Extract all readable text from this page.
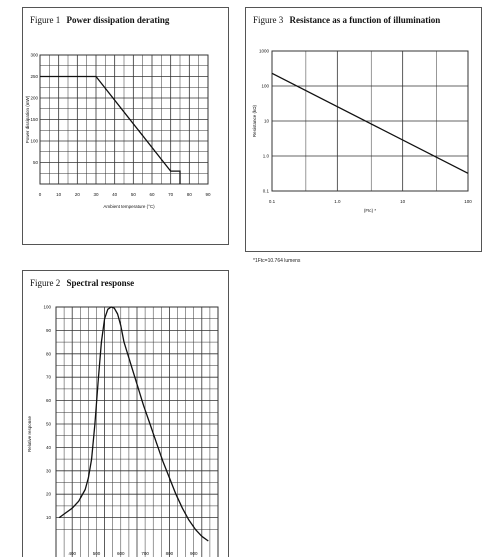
Figure 1 Power dissipation derating
0	10	20	30	40	50	60	70	80	90
50
100
150
200
250
300
Ambient temperature (°C)
Power dissipation (mW)
Figure 3 Resistance as a function of illumination
0.1	1.0	10	100
0.1
1.0
10
100
1000
(Ftc) *
Resistance (kΩ)
*1Ftc=10.764 lumens
Figure 2 Spectral response
10
20
30
40
50
60
70
80
90
100
400	500	600	700	800	900
Relative response
